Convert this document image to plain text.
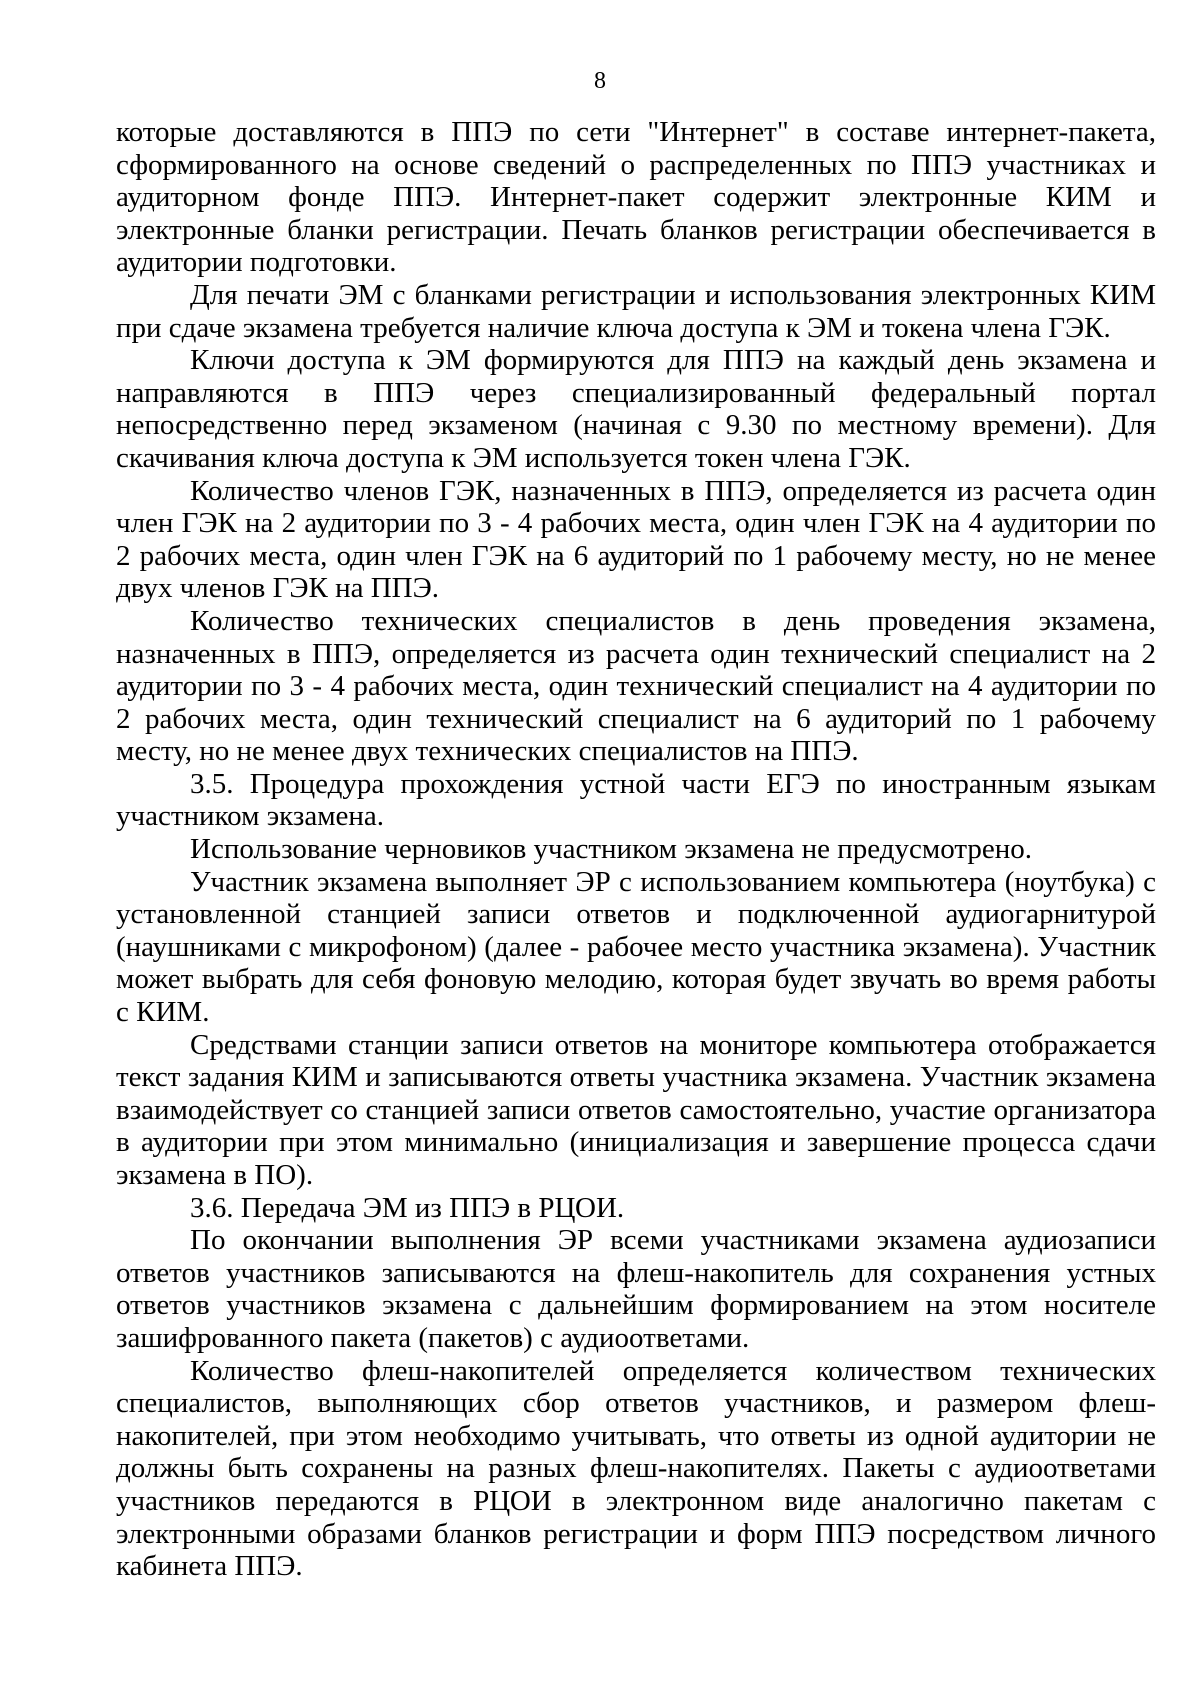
8

которые доставляются в ППЭ по сети "Интернет" в составе интернет-пакета, сформированного на основе сведений о распределенных по ППЭ участниках и аудиторном фонде ППЭ. Интернет-пакет содержит электронные КИМ и электронные бланки регистрации. Печать бланков регистрации обеспечивается в аудитории подготовки.

Для печати ЭМ с бланками регистрации и использования электронных КИМ при сдаче экзамена требуется наличие ключа доступа к ЭМ и токена члена ГЭК.

Ключи доступа к ЭМ формируются для ППЭ на каждый день экзамена и направляются в ППЭ через специализированный федеральный портал непосредственно перед экзаменом (начиная с 9.30 по местному времени). Для скачивания ключа доступа к ЭМ используется токен члена ГЭК.

Количество членов ГЭК, назначенных в ППЭ, определяется из расчета один член ГЭК на 2 аудитории по 3 - 4 рабочих места, один член ГЭК на 4 аудитории по 2 рабочих места, один член ГЭК на 6 аудиторий по 1 рабочему месту, но не менее двух членов ГЭК на ППЭ.

Количество технических специалистов в день проведения экзамена, назначенных в ППЭ, определяется из расчета один технический специалист на 2 аудитории по 3 - 4 рабочих места, один технический специалист на 4 аудитории по 2 рабочих места, один технический специалист на 6 аудиторий по 1 рабочему месту, но не менее двух технических специалистов на ППЭ.

3.5. Процедура прохождения устной части ЕГЭ по иностранным языкам участником экзамена.

Использование черновиков участником экзамена не предусмотрено.

Участник экзамена выполняет ЭР с использованием компьютера (ноутбука) с установленной станцией записи ответов и подключенной аудиогарнитурой (наушниками с микрофоном) (далее - рабочее место участника экзамена). Участник может выбрать для себя фоновую мелодию, которая будет звучать во время работы с КИМ.

Средствами станции записи ответов на мониторе компьютера отображается текст задания КИМ и записываются ответы участника экзамена. Участник экзамена взаимодействует со станцией записи ответов самостоятельно, участие организатора в аудитории при этом минимально (инициализация и завершение процесса сдачи экзамена в ПО).

3.6. Передача ЭМ из ППЭ в РЦОИ.

По окончании выполнения ЭР всеми участниками экзамена аудиозаписи ответов участников записываются на флеш-накопитель для сохранения устных ответов участников экзамена с дальнейшим формированием на этом носителе зашифрованного пакета (пакетов) с аудиоответами.

Количество флеш-накопителей определяется количеством технических специалистов, выполняющих сбор ответов участников, и размером флеш-накопителей, при этом необходимо учитывать, что ответы из одной аудитории не должны быть сохранены на разных флеш-накопителях. Пакеты с аудиоответами участников передаются в РЦОИ в электронном виде аналогично пакетам с электронными образами бланков регистрации и форм ППЭ посредством личного кабинета ППЭ.
